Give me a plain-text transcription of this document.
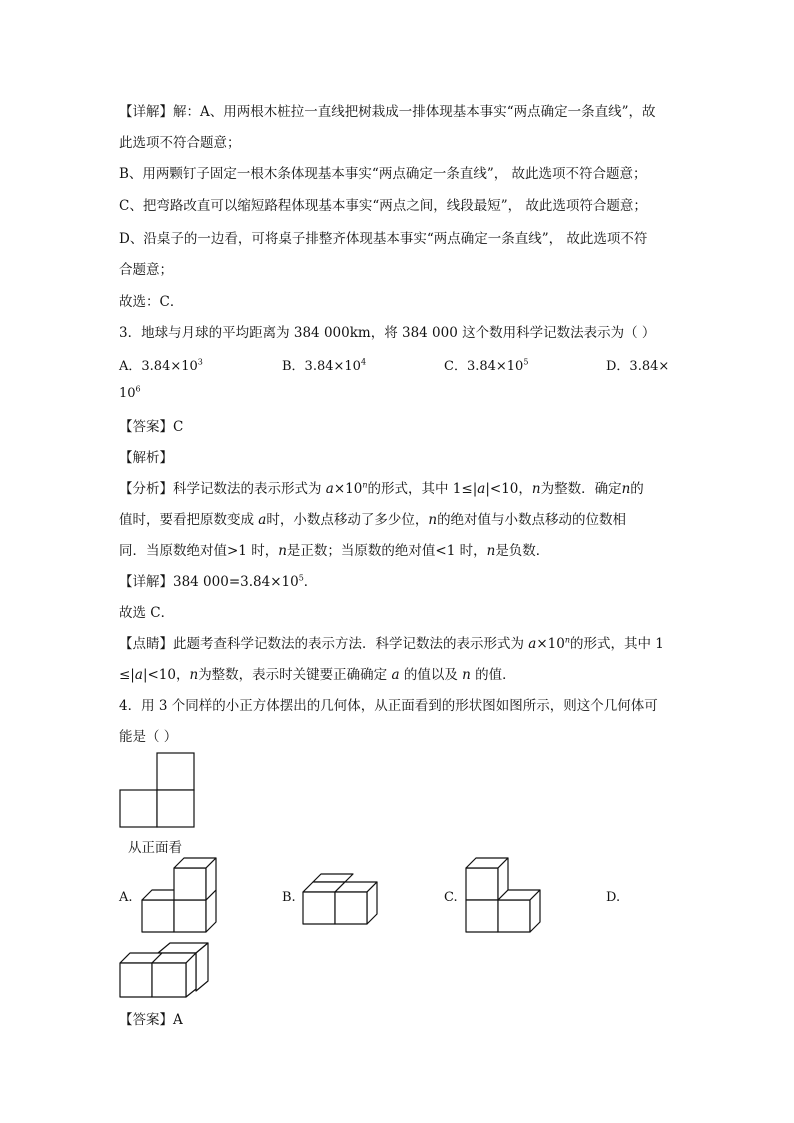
【详解】解：A、用两根木桩拉一直线把树栽成一排体现基本事实“两点确定一条直线”，故
此选项不符合题意；
B、用两颗钉子固定一根木条体现基本事实“两点确定一条直线”， 故此选项不符合题意；
C、把弯路改直可以缩短路程体现基本事实“两点之间，线段最短”， 故此选项符合题意；
D、沿桌子的一边看，可将桌子排整齐体现基本事实“两点确定一条直线”， 故此选项不符
合题意；
故选：C．
3．地球与月球的平均距离为 384 000km，将 384 000 这个数用科学记数法表示为（ ）
A．$3.84\times 10^3$	B．$3.84\times 10^4$	C．$3.84\times 10^5$	D．3.84×
$10^6$
【答案】C
【解析】
【分析】科学记数法的表示形式为 $a\times 10^n$的形式，其中 1≤|a|<10，n为整数．确定n的
值时，要看把原数变成 a时，小数点移动了多少位，n的绝对值与小数点移动的位数相
同．当原数绝对值>1 时，n是正数；当原数的绝对值<1 时，n是负数．
【详解】384 $000=3.84\times 10^5$．
故选 C．
【点睛】此题考查科学记数法的表示方法．科学记数法的表示形式为 $a\times 10^n$的形式，其中 1
≤|a|<10，n为整数，表示时关键要正确确定 a 的值以及 n 的值．
4．用 3 个同样的小正方体摆出的几何体，从正面看到的形状图如图所示，则这个几何体可
能是（ ）
从正面看
A.	B.	C.	D.
【答案】A
